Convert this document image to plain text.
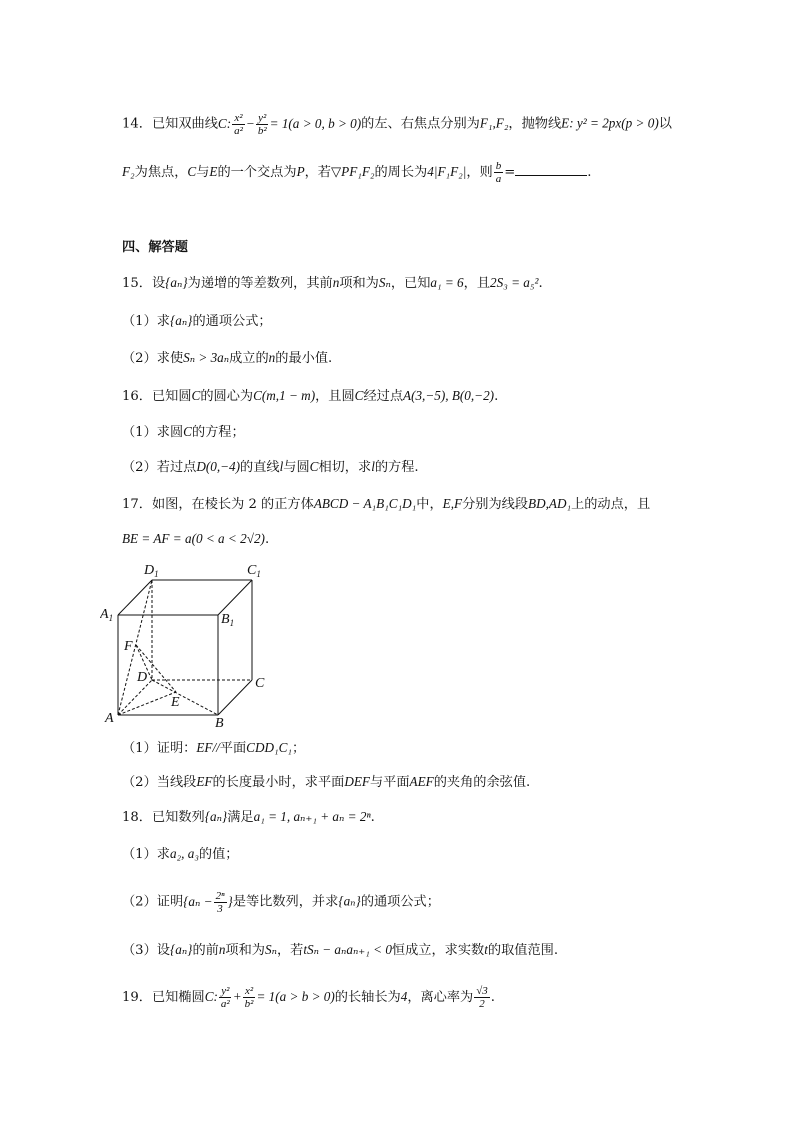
14．已知双曲线C: $\frac{\text{x²}}{\text{a²}} - \frac{\text{y²}}{\text{b²}} = 1(a > 0$, b > 0)的左、右焦点分别为F₁,F₂，抛物线E: y² = 2px(p > 0)以
F₂为焦点，C与E的一个交点为P，若▽PF₁F₂的周长为4|F₁F₂|，则 $\frac{b}{a}$ =	.
四、解答题
15．设{aₙ}为递增的等差数列，其前n项和为Sₙ，已知a₁ = 6，且2S₃ = a₅².
（1）求{aₙ}的通项公式；
（2）求使Sₙ > 3aₙ成立的n的最小值.
16．已知圆C的圆心为C(m,1 − m)，且圆C经过点A(3,−5), B(0,−2).
（1）求圆C的方程；
（2）若过点D(0,−4)的直线l与圆C相切，求l的方程.
17．如图，在棱长为 2 的正方体ABCD − A₁B₁C₁D₁中，E,F分别为线段BD,AD₁上的动点，且
BE = AF = a(0 < a < 2√2).
$D_1$	$C_1$
$A_1$	$B_1$
F
D	C
E
A	B
（1）证明：EF//平面CDD₁C₁；
（2）当线段EF的长度最小时，求平面DEF与平面AEF的夹角的余弦值.
18．已知数列{aₙ}满足a₁ = 1, aₙ₊₁ + aₙ = 2ⁿ.
（1）求a₂, a₃的值；
（2）证明{$a_n - \frac{\text{2ⁿ}}{3}$ }是等比数列，并求{aₙ}的通项公式；
（3）设{aₙ}的前n项和为Sₙ，若tSₙ − aₙaₙ₊₁ < 0恒成立，求实数t的取值范围.
19．已知椭圆C: $\frac{\text{y²}}{\text{a²}} + \frac{\text{x²}}{\text{b²}} = 1(a > b > 0)$的长轴长为4，离心率为 $\frac{√3}{2}$ .
